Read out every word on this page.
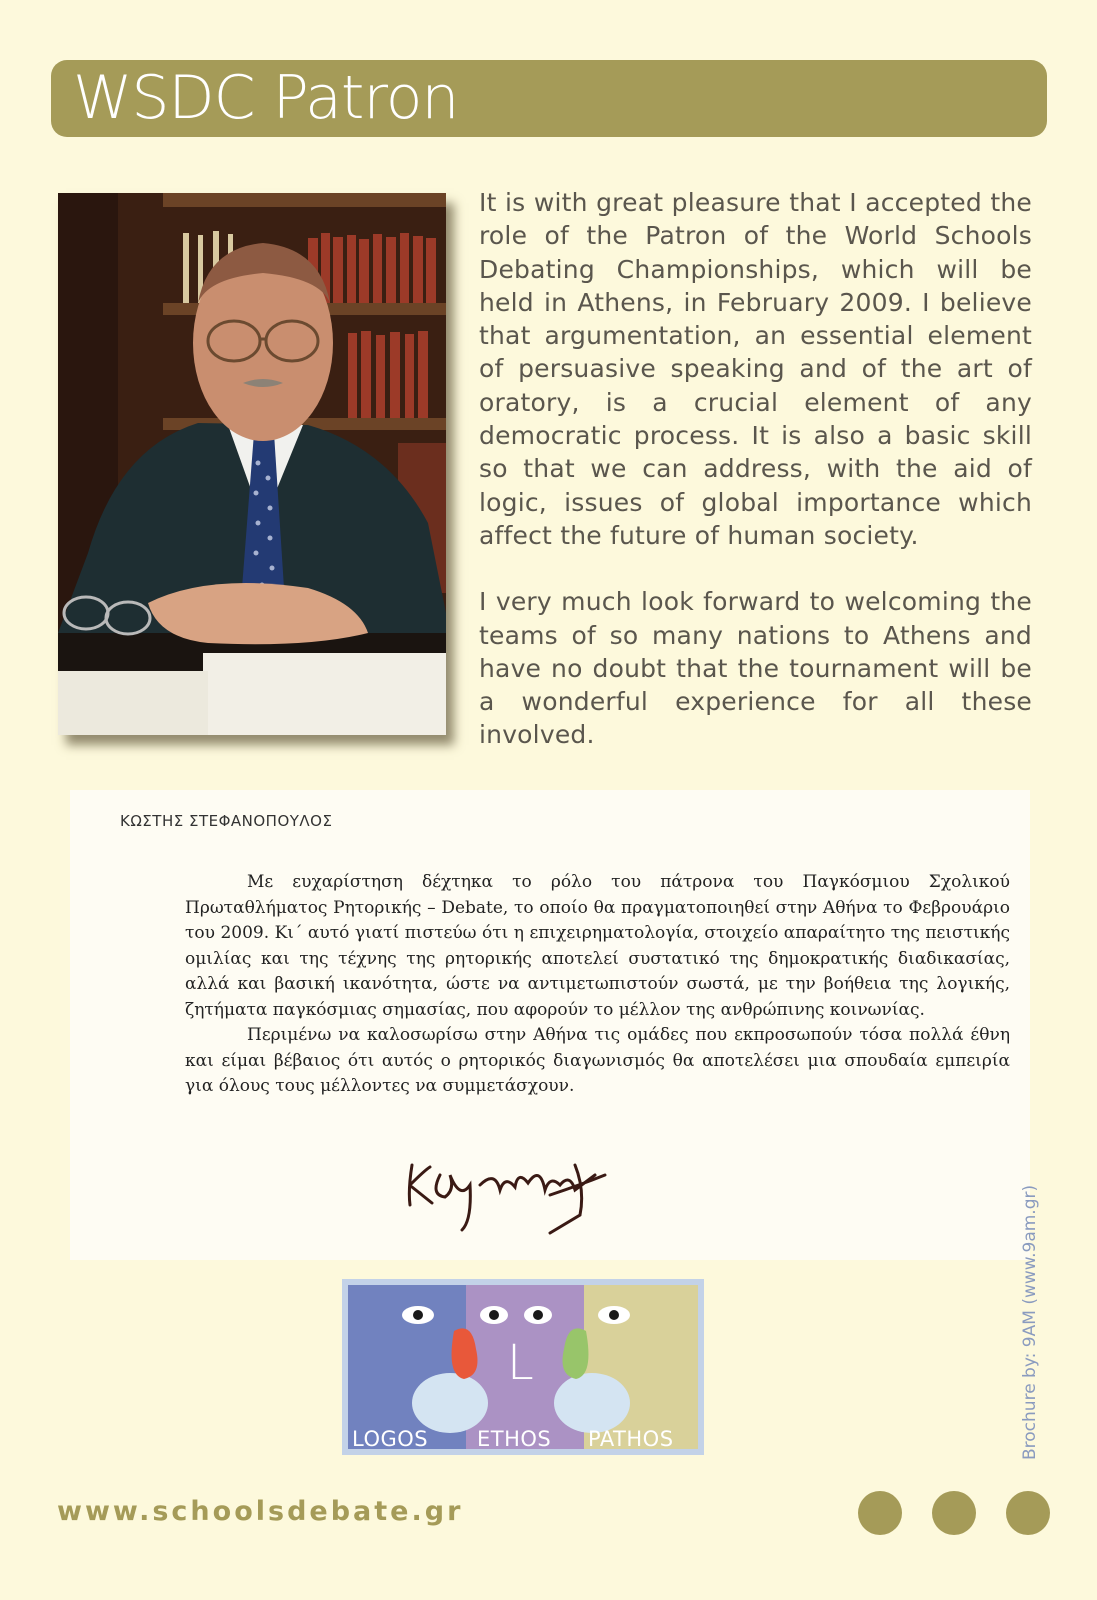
WSDC Patron

It is with great pleasure that I accepted the role of the Patron of the World Schools Debating Championships, which will be held in Athens, in February 2009. I believe that argumentation, an essential element of persuasive speaking and of the art of oratory, is a crucial element of any democratic process. It is also a basic skill so that we can address, with the aid of logic, issues of global importance which affect the future of human society.

I very much look forward to welcoming the teams of so many nations to Athens and have no doubt that the tournament will be a wonderful experience for all these involved.

ΚΩΣΤΗΣ ΣΤΕΦΑΝΟΠΟΥΛΟΣ

Με ευχαρίστηση δέχτηκα το ρόλο του πάτρονα του Παγκόσμιου Σχολικού Πρωταθλήματος Ρητορικής – Debate, το οποίο θα πραγματοποιηθεί στην Αθήνα το Φεβρουάριο του 2009. Κι΄ αυτό γιατί πιστεύω ότι η επιχειρηματολογία, στοιχείο απαραίτητο της πειστικής ομιλίας και της τέχνης της ρητορικής αποτελεί συστατικό της δημοκρατικής διαδικασίας, αλλά και βασική ικανότητα, ώστε να αντιμετωπιστούν σωστά, με την βοήθεια της λογικής, ζητήματα παγκόσμιας σημασίας, που αφορούν το μέλλον της ανθρώπινης κοινωνίας.

Περιμένω να καλοσωρίσω στην Αθήνα τις ομάδες που εκπροσωπούν τόσα πολλά έθνη και είμαι βέβαιος ότι αυτός ο ρητορικός διαγωνισμός θα αποτελέσει μια σπουδαία εμπειρία για όλους τους μέλλοντες να συμμετάσχουν.

L
LOGOS ETHOS PATHOS	Brochure by: 9AM (www.9am.gr)
www.schoolsdebate.gr
